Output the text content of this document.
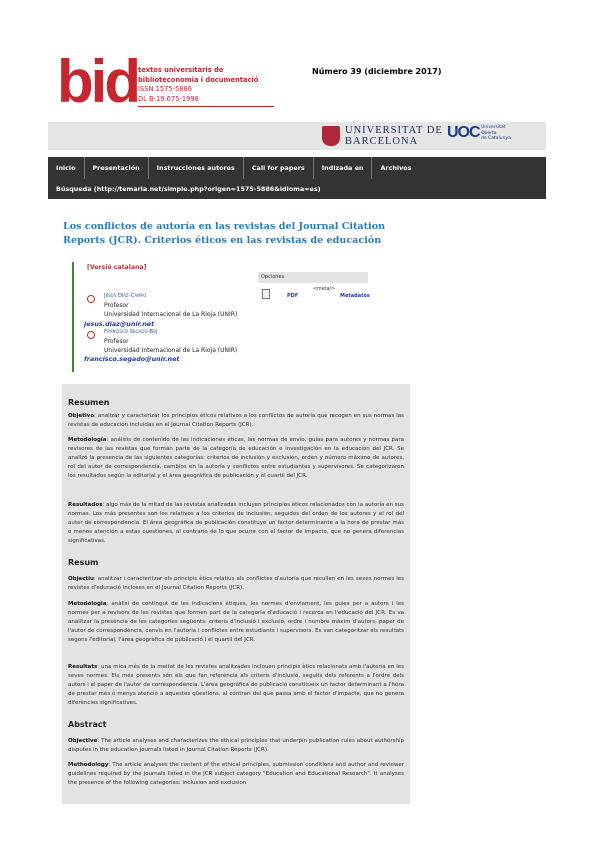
bid textos universitaris de
biblioteconomia i documentació
ISSN 1575-5886
DL B-19.675-1998
Número 39 (diciembre 2017)
UNIVERSITAT DE
BARCELONA
UOC Universitat
Oberta
de Catalunya
Inicio	Presentación	Instrucciones autores	Call for papers	Indizada en	Archivos
Búsqueda (http://temaria.net/simple.php?origen=1575-5886&idioma=es)
Los conflictos de autoría en las revistas del Journal Citation Reports (JCR). Criterios éticos en las revistas de educación
[Versió catalana]
Jesús Díaz-Campo
Profesor
Universidad Internacional de La Rioja (UNIR)
jesus.diaz@unir.net
Francisco Segado-Boj
Profesor
Universidad Internacional de La Rioja (UNIR)
francisco.segado@unir.net
Opciones
PDF
<meta/>
Metadatos
Resumen
Objetivo: analizar y caracterizar los principios éticos relativos a los conflictos de autoría que recogen en sus normas las revistas de educación incluidas en el Journal Citation Reports (JCR).
Metodología: análisis de contenido de las indicaciones éticas, las normas de envío, guías para autores y normas para revisores de las revistas que forman parte de la categoría de educación e investigación en la educación del JCR. Se analizó la presencia de las siguientes categorías: criterios de inclusión y exclusión, orden y número máximo de autores, rol del autor de correspondencia, cambios en la autoría y conflictos entre estudiantes y supervisores. Se categorizaron los resultados según la editorial y el área geográfica de publicación y el cuartil del JCR.
Resultados: algo más de la mitad de las revistas analizadas incluyen principios éticos relacionados con la autoría en sus normas. Los más presentes son los relativos a los criterios de inclusión, seguidos del orden de los autores y el rol del autor de correspondencia. El área geográfica de publicación constituye un factor determinante a la hora de prestar más o menos atención a estas cuestiones, al contrario de lo que ocurre con el factor de impacto, que no genera diferencias significativas.
Resum
Objectiu: analitzar i caracteritzar els principis ètics relatius als conflictes d'autoria que recullen en les seves normes les revistes d'educació incloses en el Journal Citation Reports (JCR).
Metodologia: anàlisi de contingut de les indicacions ètiques, les normes d'enviament, les guies per a autors i les normes per a revisors de les revistes que formen part de la categoria d'educació i recerca en l'educació del JCR. Es va analitzar la presència de les categories següents: criteris d'inclusió i exclusió, ordre i nombre màxim d'autors, paper de l'autor de correspondència, canvis en l'autoria i conflictes entre estudiants i supervisors. Es van categoritzar els resultats segons l'editorial, l'àrea geogràfica de publicació i el quartil del JCR.
Resultats: una mica més de la meitat de les revistes analitzades inclouen principis ètics relacionats amb l'autoria en les seves normes. Els més presents són els que fan referència als criteris d'inclusió, seguits dels referents a l'ordre dels autors i el paper de l'autor de correspondència. L'àrea geogràfica de publicació constitueix un factor determinant a l'hora de prestar més o menys atenció a aquestes qüestions, al contrari del que passa amb el factor d'impacte, que no genera diferències significatives.
Abstract
Objective: The article analyses and characterizes the ethical principles that underpin publication rules about authorship disputes in the education journals listed in Journal Citation Reports (JCR).
Methodology: The article analyses the content of the ethical principles, submission conditions and author and reviewer guidelines required by the journals listed in the JCR subject category "Education and Educational Research". It analyses the presence of the following categories: inclusion and exclusion
